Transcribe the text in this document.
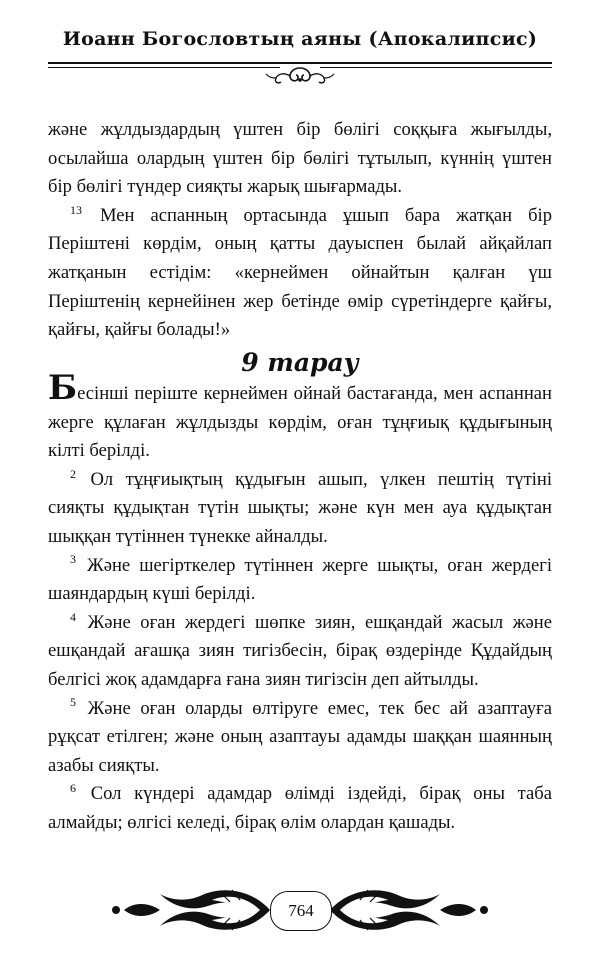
Иоанн Богословтың аяны (Апокалипсис)

және жұлдыздардың үштен бір бөлігі соққыға жығылды, осылайша олардың үштен бір бөлігі тұтылып, күннің үштен бір бөлігі түндер сияқты жарық шығармады.

$^{13}$ Мен аспанның ортасында ұшып бара жатқан бір Періштені көрдім, оның қатты дауыспен былай айқайлап жатқанын естідім: «кернеймен ойнайтын қалған үш Періштенің кернейінен жер бетінде өмір сүретіндерге қайғы, қайғы, қайғы болады!»

9 тарау

Бесінші періште кернеймен ойнай бастағанда, мен аспаннан жерге құлаған жұлдызды көрдім, оған тұңғиық құдығының кілті берілді.

$^2$ Ол тұңғиықтың құдығын ашып, үлкен пештің түтіні сияқты құдықтан түтін шықты; және күн мен ауа құдықтан шыққан түтіннен түнекке айналды.

$^3$ Және шегірткелер түтіннен жерге шықты, оған жердегі шаяндардың күші берілді.

$^4$ Және оған жердегі шөпке зиян, ешқандай жасыл және ешқандай ағашқа зиян тигізбесін, бірақ өздерінде Құдайдың белгісі жоқ адамдарға ғана зиян тигізсін деп айтылды.

$^5$ Және оған оларды өлтіруге емес, тек бес ай азаптауға рұқсат етілген; және оның азаптауы адамды шаққан шаянның азабы сияқты.

$^6$ Сол күндері адамдар өлімді іздейді, бірақ оны таба алмайды; өлгісі келеді, бірақ өлім олардан қашады.

764
